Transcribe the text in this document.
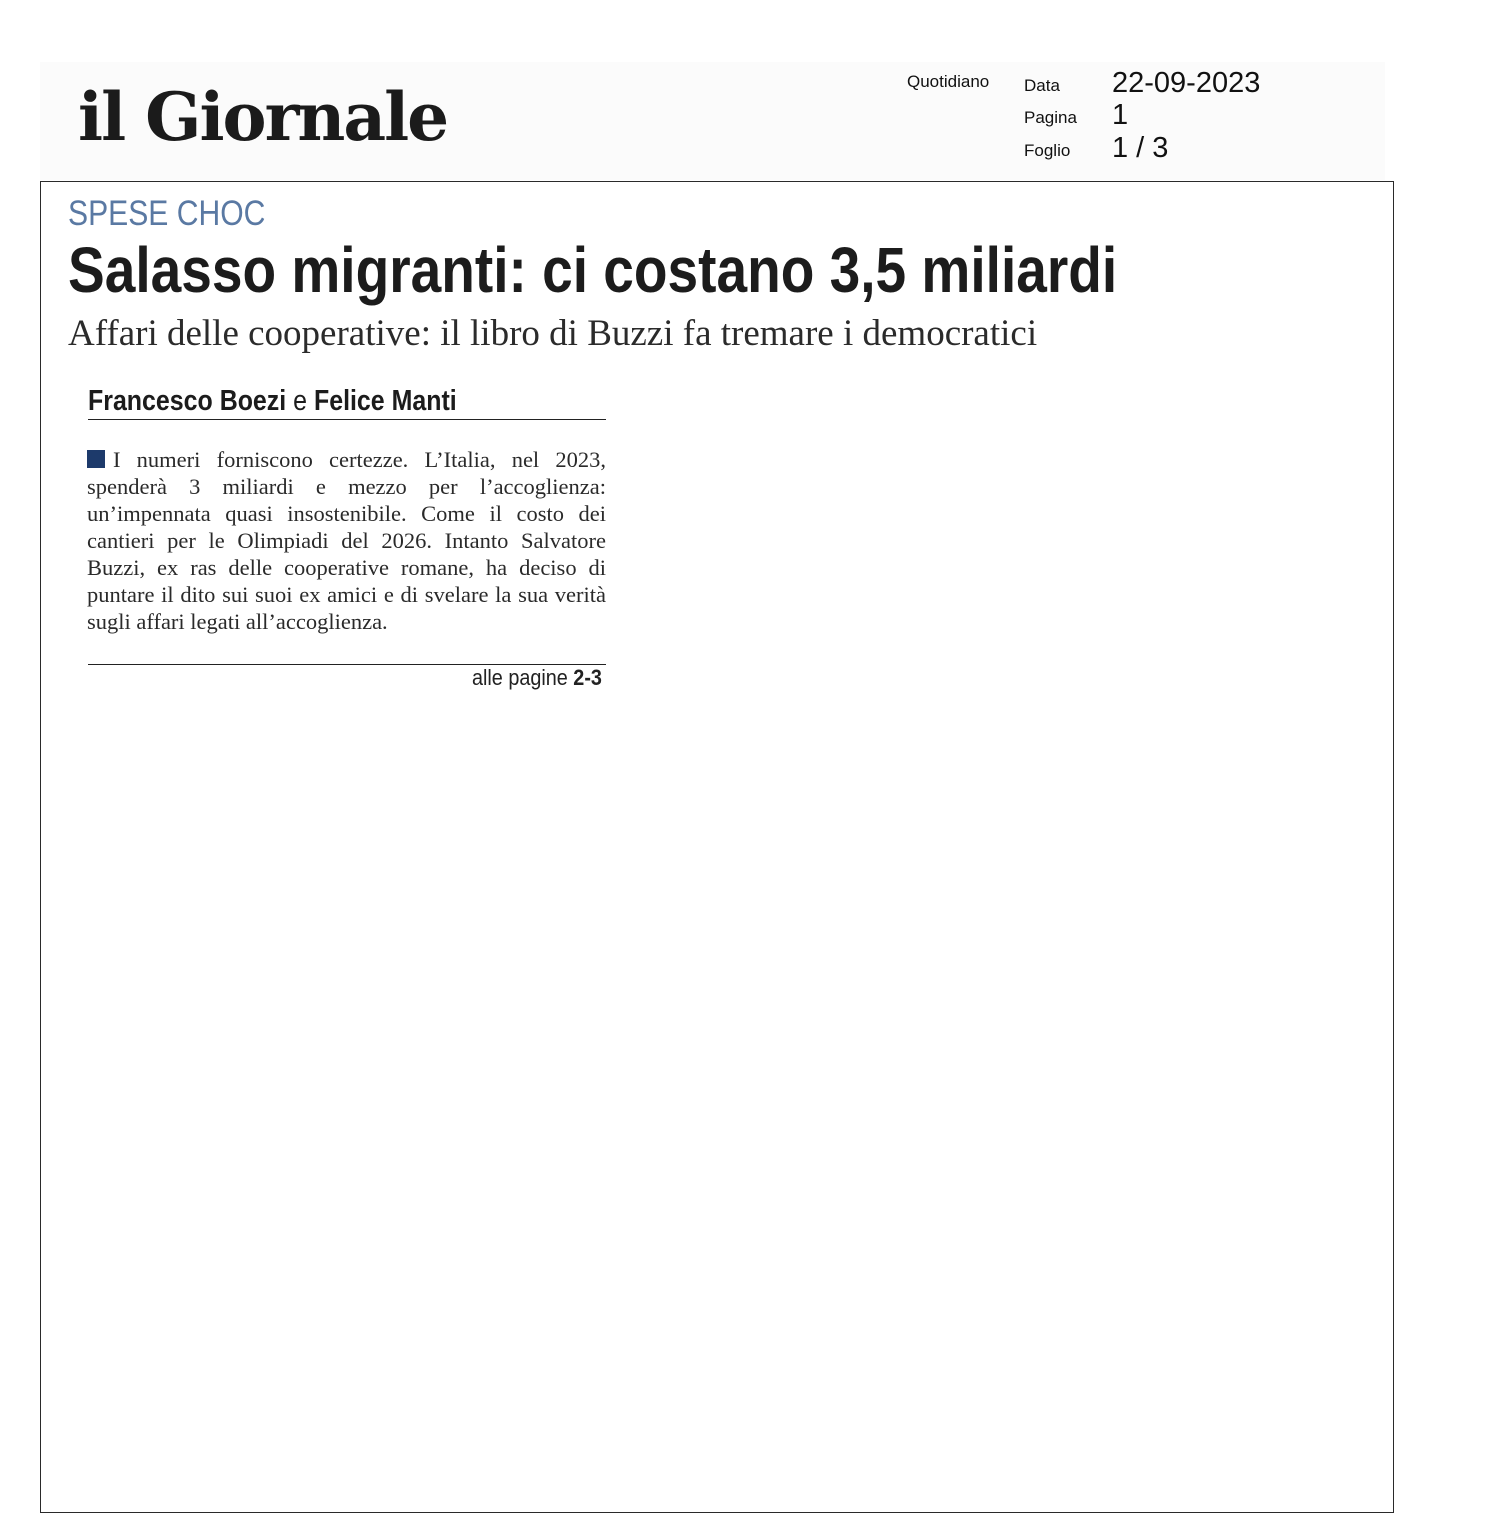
il Giornale	Quotidiano Data 22-09-2023
Pagina 1
Foglio 1 / 3
SPESE CHOC
Salasso migranti: ci costano 3,5 miliardi
Affari delle cooperative: il libro di Buzzi fa tremare i democratici
Francesco Boezi e Felice Manti
I numeri forniscono certezze. L’Italia, nel 2023, spenderà 3 miliardi e mezzo per l’accoglienza: un’impennata quasi insostenibile. Come il costo dei cantieri per le Olimpiadi del 2026. Intanto Salvatore Buzzi, ex ras delle cooperative romane, ha deciso di puntare il dito sui suoi ex amici e di svelare la sua verità sugli affari legati all’accoglienza.
alle pagine 2-3
